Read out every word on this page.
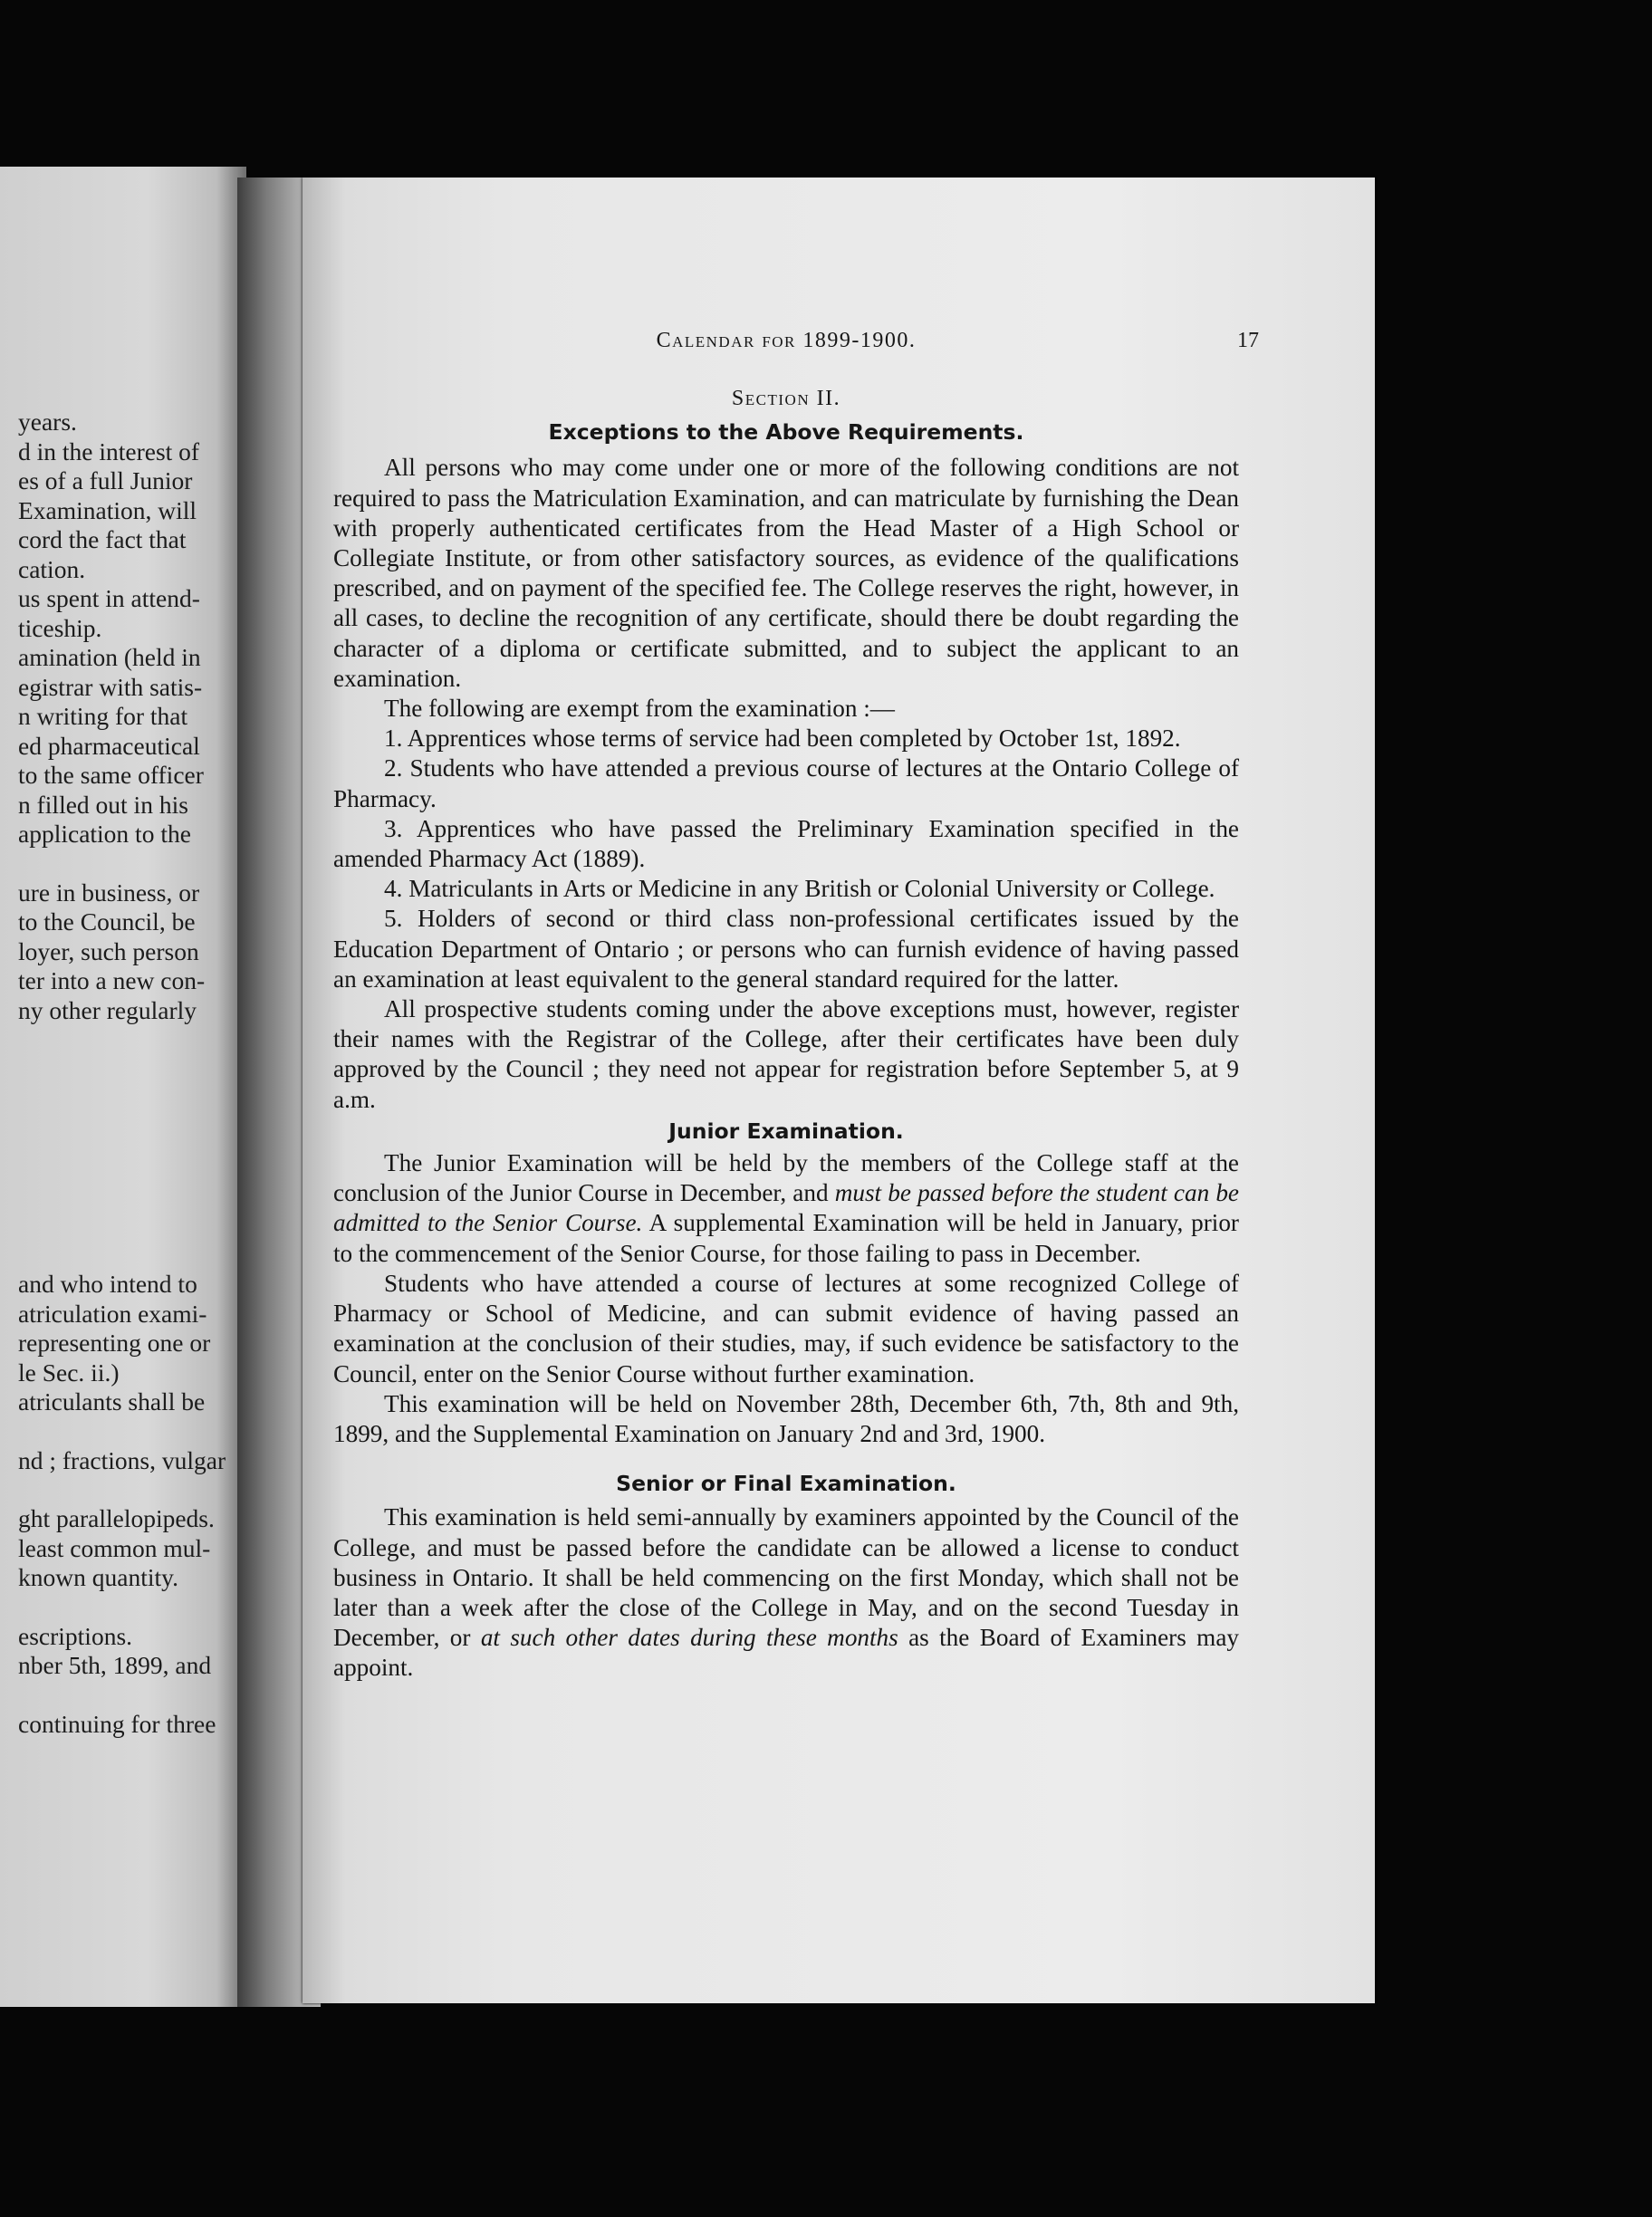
years.
d in the interest of
es of a full Junior
Examination, will
cord the fact that
cation.
us spent in attend-
ticeship.
amination (held in
egistrar with satis-
n writing for that
ed pharmaceutical
to the same officer
n filled out in his
application to the
ure in business, or
to the Council, be
loyer, such person
ter into a new con-
ny other regularly
and who intend to
atriculation exami-
representing one or
le Sec. ii.)
atriculants shall be
nd ; fractions, vulgar
ght parallelopipeds.
least common mul-
known quantity.
escriptions.
nber 5th, 1899, and
continuing for three
Calendar for 1899-1900.	17
Section II.
Exceptions to the Above Requirements.

All persons who may come under one or more of the following conditions are not required to pass the Matriculation Examination, and can matriculate by furnishing the Dean with properly authenticated certificates from the Head Master of a High School or Collegiate Institute, or from other satisfactory sources, as evidence of the qualifications prescribed, and on payment of the specified fee. The College reserves the right, however, in all cases, to decline the recognition of any certificate, should there be doubt regarding the character of a diploma or certificate submitted, and to subject the applicant to an examination.

The following are exempt from the examination :—

1. Apprentices whose terms of service had been completed by October 1st, 1892.

2. Students who have attended a previous course of lectures at the Ontario College of Pharmacy.

3. Apprentices who have passed the Preliminary Examination specified in the amended Pharmacy Act (1889).

4. Matriculants in Arts or Medicine in any British or Colonial University or College.

5. Holders of second or third class non-professional certificates issued by the Education Department of Ontario ; or persons who can furnish evidence of having passed an examination at least equivalent to the general standard required for the latter.

All prospective students coming under the above exceptions must, however, register their names with the Registrar of the College, after their certificates have been duly approved by the Council ; they need not appear for registration before September 5, at 9 a.m.

Junior Examination.

The Junior Examination will be held by the members of the College staff at the conclusion of the Junior Course in December, and must be passed before the student can be admitted to the Senior Course. A supplemental Examination will be held in January, prior to the commencement of the Senior Course, for those failing to pass in December.

Students who have attended a course of lectures at some recognized College of Pharmacy or School of Medicine, and can submit evidence of having passed an examination at the conclusion of their studies, may, if such evidence be satisfactory to the Council, enter on the Senior Course without further examination.

This examination will be held on November 28th, December 6th, 7th, 8th and 9th, 1899, and the Supplemental Examination on January 2nd and 3rd, 1900.

Senior or Final Examination.

This examination is held semi-annually by examiners appointed by the Council of the College, and must be passed before the candidate can be allowed a license to conduct business in Ontario. It shall be held commencing on the first Monday, which shall not be later than a week after the close of the College in May, and on the second Tuesday in December, or at such other dates during these months as the Board of Examiners may appoint.
